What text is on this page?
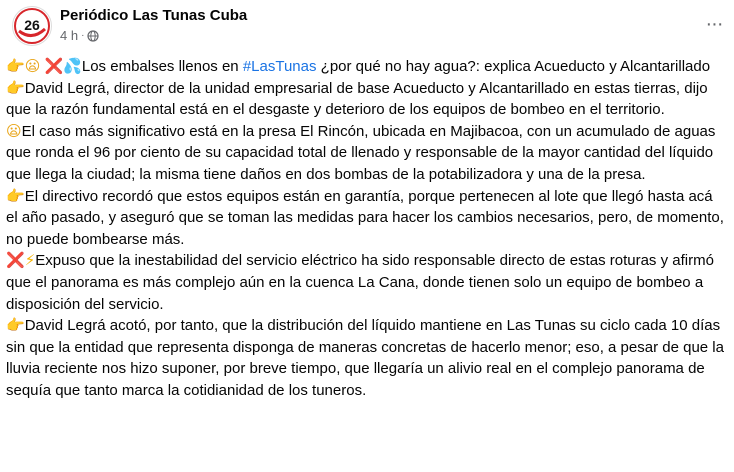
26
Periódico Las Tunas Cuba
4 h ·
···

👉😦 ❌💦Los embalses llenos en #LasTunas ¿por qué no hay agua?: explica Acueducto y Alcantarillado

👉David Legrá, director de la unidad empresarial de base Acueducto y Alcantarillado en estas tierras, dijo que la razón fundamental está en el desgaste y deterioro de los equipos de bombeo en el territorio.

😦El caso más significativo está en la presa El Rincón, ubicada en Majibacoa, con un acumulado de aguas que ronda el 96 por ciento de su capacidad total de llenado y responsable de la mayor cantidad del líquido que llega la ciudad; la misma tiene daños en dos bombas de la potabilizadora y una de la presa.

👉El directivo recordó que estos equipos están en garantía, porque pertenecen al lote que llegó hasta acá el año pasado, y aseguró que se toman las medidas para hacer los cambios necesarios, pero, de momento, no puede bombearse más.

❌⚡Expuso que la inestabilidad del servicio eléctrico ha sido responsable directo de estas roturas y afirmó que el panorama es más complejo aún en la cuenca La Cana, donde tienen solo un equipo de bombeo a disposición del servicio.

👉David Legrá acotó, por tanto, que la distribución del líquido mantiene en Las Tunas su ciclo cada 10 días sin que la entidad que representa disponga de maneras concretas de hacerlo menor; eso, a pesar de que la lluvia reciente nos hizo suponer, por breve tiempo, que llegaría un alivio real en el complejo panorama de sequía que tanto marca la cotidianidad de los tuneros.
